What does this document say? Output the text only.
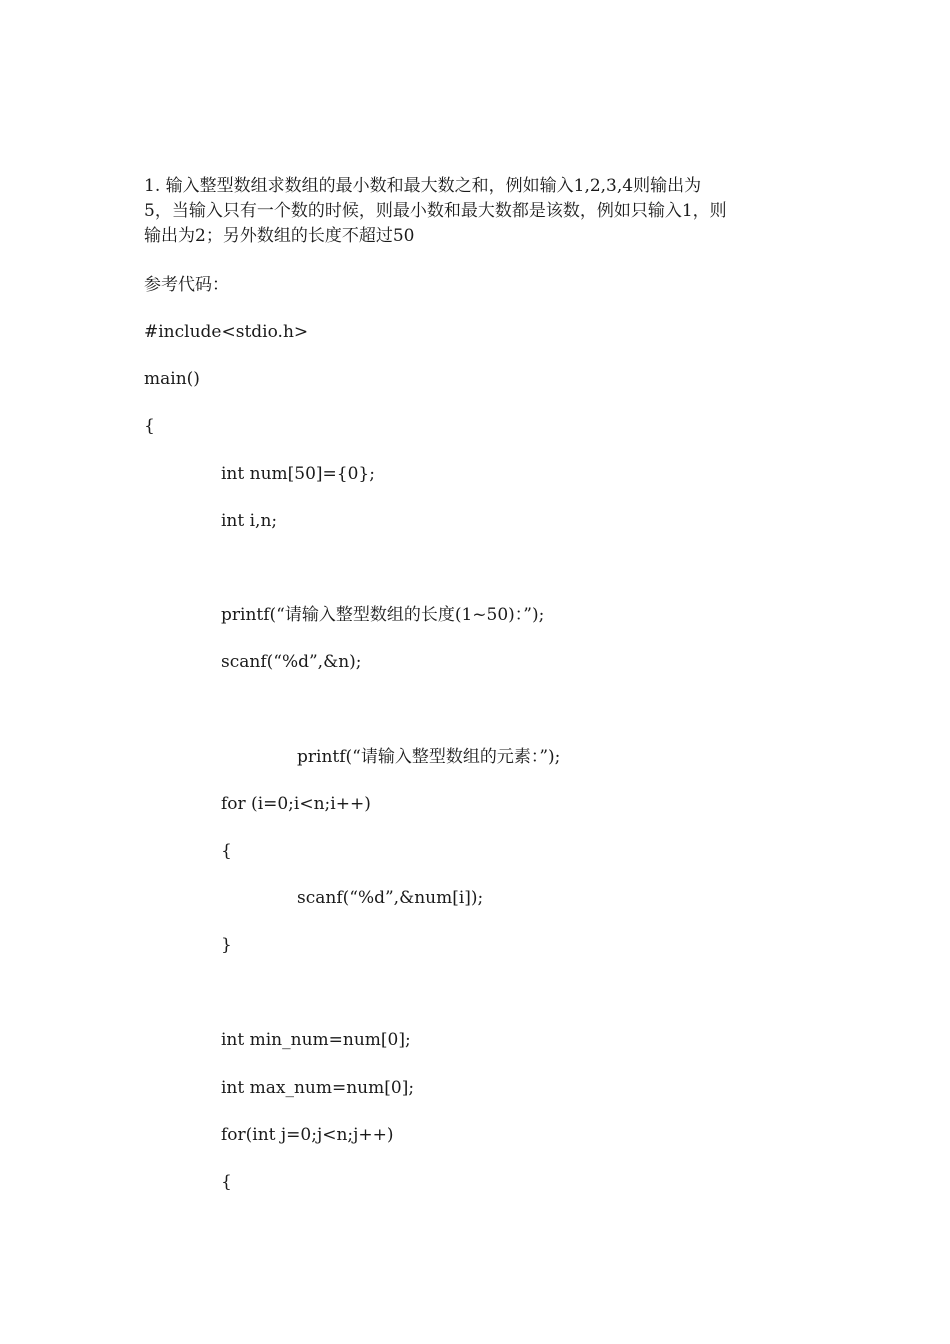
1. 输入整型数组求数组的最小数和最大数之和，例如输入1,2,3,4则输出为
5，当输入只有一个数的时候，则最小数和最大数都是该数，例如只输入1，则
输出为2；另外数组的长度不超过50

参考代码：

#include<stdio.h>

main()

{

int num[50]={0};

int i,n;

printf(“请输入整型数组的长度(1~50)：”);

scanf(“%d”,&n);

printf(“请输入整型数组的元素：”);

for (i=0;i<n;i++)

{

scanf(“%d”,&num[i]);

}

int min_num=num[0];

int max_num=num[0];

for(int j=0;j<n;j++)

{
